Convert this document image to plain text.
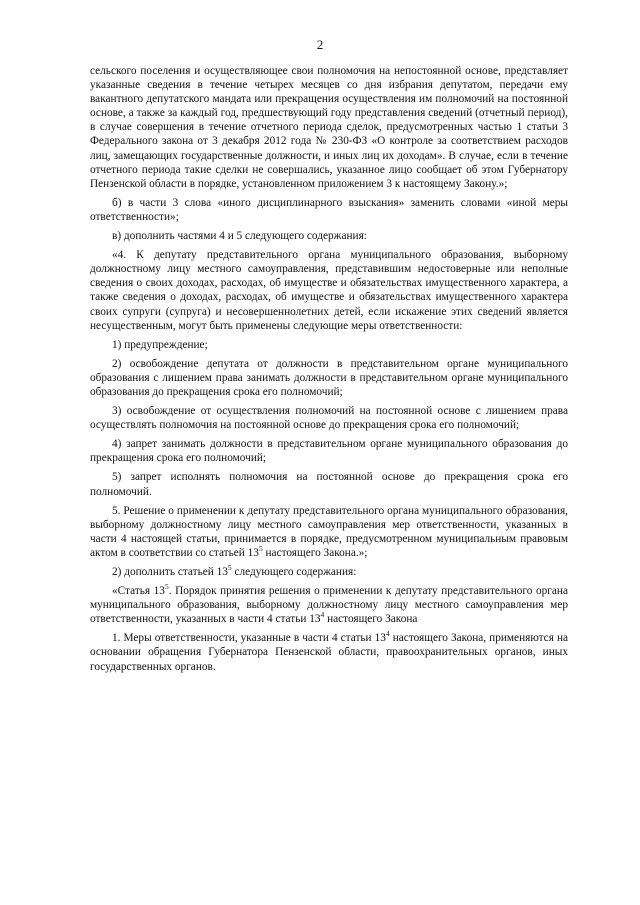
2

сельского поселения и осуществляющее свои полномочия на непостоянной основе, представляет указанные сведения в течение четырех месяцев со дня избрания депутатом, передачи ему вакантного депутатского мандата или прекращения осуществления им полномочий на постоянной основе, а также за каждый год, предшествующий году представления сведений (отчетный период), в случае совершения в течение отчетного периода сделок, предусмотренных частью 1 статьи 3 Федерального закона от 3 декабря 2012 года № 230-ФЗ «О контроле за соответствием расходов лиц, замещающих государственные должности, и иных лиц их доходам». В случае, если в течение отчетного периода такие сделки не совершались, указанное лицо сообщает об этом Губернатору Пензенской области в порядке, установленном приложением 3 к настоящему Закону.»;

б) в части 3 слова «иного дисциплинарного взыскания» заменить словами «иной меры ответственности»;

в) дополнить частями 4 и 5 следующего содержания:

«4. К депутату представительного органа муниципального образования, выборному должностному лицу местного самоуправления, представившим недостоверные или неполные сведения о своих доходах, расходах, об имуществе и обязательствах имущественного характера, а также сведения о доходах, расходах, об имуществе и обязательствах имущественного характера своих супруги (супруга) и несовершеннолетних детей, если искажение этих сведений является несущественным, могут быть применены следующие меры ответственности:

1) предупреждение;

2) освобождение депутата от должности в представительном органе муниципального образования с лишением права занимать должности в представительном органе муниципального образования до прекращения срока его полномочий;

3) освобождение от осуществления полномочий на постоянной основе с лишением права осуществлять полномочия на постоянной основе до прекращения срока его полномочий;

4) запрет занимать должности в представительном органе муниципального образования до прекращения срока его полномочий;

5) запрет исполнять полномочия на постоянной основе до прекращения срока его полномочий.

5. Решение о применении к депутату представительного органа муниципального образования, выборному должностному лицу местного самоуправления мер ответственности, указанных в части 4 настоящей статьи, принимается в порядке, предусмотренном муниципальным правовым актом в соответствии со статьей $13^5$ настоящего Закона.»;

2) дополнить статьей $13^5$ следующего содержания:

«Статья $13^5$. Порядок принятия решения о применении к депутату представительного органа муниципального образования, выборному должностному лицу местного самоуправления мер ответственности, указанных в части 4 статьи $13^4$ настоящего Закона

1. Меры ответственности, указанные в части 4 статьи $13^4$ настоящего Закона, применяются на основании обращения Губернатора Пензенской области, правоохранительных органов, иных государственных органов.
